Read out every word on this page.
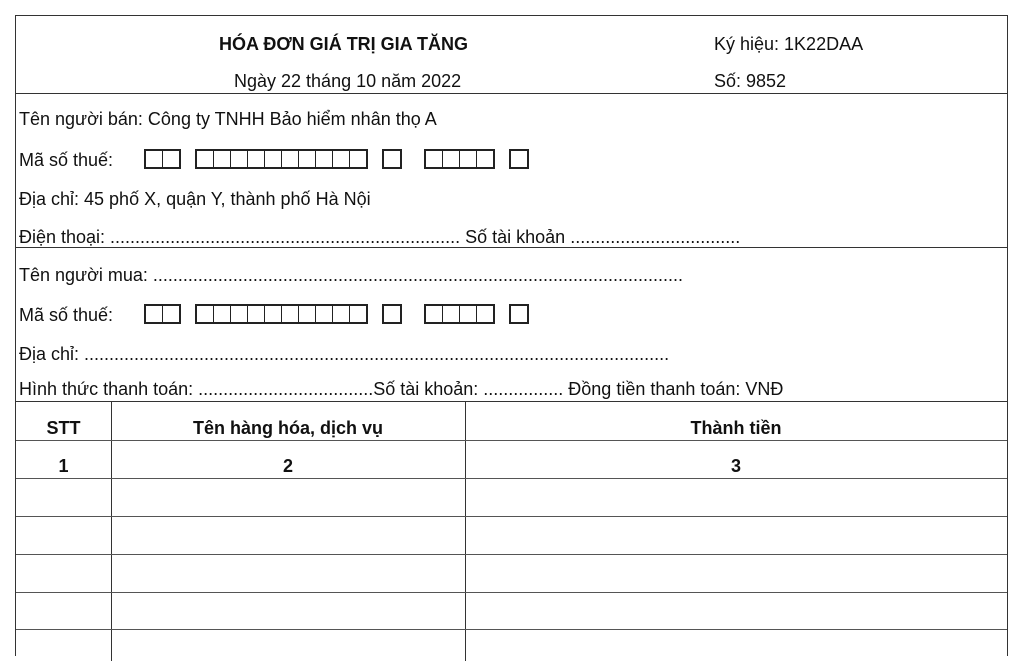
HÓA ĐƠN GIÁ TRỊ GIA TĂNG
Ngày 22 tháng 10 năm 2022
Ký hiệu: 1K22DAA
Số: 9852
Tên người bán: Công ty TNHH Bảo hiểm nhân thọ A
Mã số thuế:
Địa chỉ: 45 phố X, quận Y, thành phố Hà Nội
Điện thoại: ...................................................................... Số tài khoản ..................................
Tên người mua: ..........................................................................................................
Mã số thuế:
Địa chỉ: .....................................................................................................................
Hình thức thanh toán: ...................................Số tài khoản: ................ Đồng tiền thanh toán: VNĐ
STT	Tên hàng hóa, dịch vụ	Thành tiền
1	2	3
